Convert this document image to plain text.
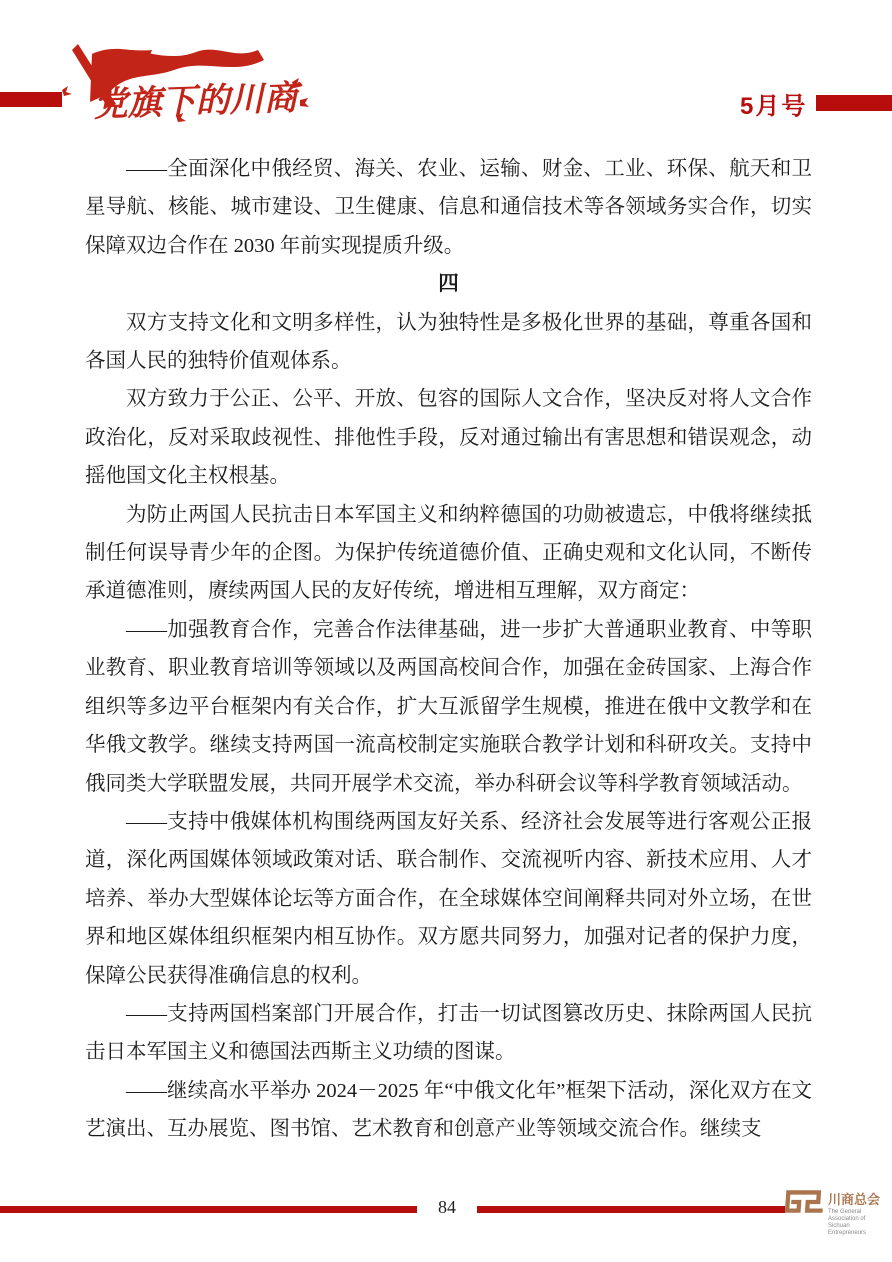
党旗下的川商	5月号

——全面深化中俄经贸、海关、农业、运输、财金、工业、环保、航天和卫星导航、核能、城市建设、卫生健康、信息和通信技术等各领域务实合作，切实保障双边合作在 2030 年前实现提质升级。

四

双方支持文化和文明多样性，认为独特性是多极化世界的基础，尊重各国和各国人民的独特价值观体系。

双方致力于公正、公平、开放、包容的国际人文合作，坚决反对将人文合作政治化，反对采取歧视性、排他性手段，反对通过输出有害思想和错误观念，动摇他国文化主权根基。

为防止两国人民抗击日本军国主义和纳粹德国的功勋被遗忘，中俄将继续抵制任何误导青少年的企图。为保护传统道德价值、正确史观和文化认同，不断传承道德准则，赓续两国人民的友好传统，增进相互理解，双方商定：

——加强教育合作，完善合作法律基础，进一步扩大普通职业教育、中等职业教育、职业教育培训等领域以及两国高校间合作，加强在金砖国家、上海合作组织等多边平台框架内有关合作，扩大互派留学生规模，推进在俄中文教学和在华俄文教学。继续支持两国一流高校制定实施联合教学计划和科研攻关。支持中俄同类大学联盟发展，共同开展学术交流，举办科研会议等科学教育领域活动。

——支持中俄媒体机构围绕两国友好关系、经济社会发展等进行客观公正报道，深化两国媒体领域政策对话、联合制作、交流视听内容、新技术应用、人才培养、举办大型媒体论坛等方面合作，在全球媒体空间阐释共同对外立场，在世界和地区媒体组织框架内相互协作。双方愿共同努力，加强对记者的保护力度，保障公民获得准确信息的权利。

——支持两国档案部门开展合作，打击一切试图篡改历史、抹除两国人民抗击日本军国主义和德国法西斯主义功绩的图谋。

——继续高水平举办 2024－2025 年“中俄文化年”框架下活动，深化双方在文艺演出、互办展览、图书馆、艺术教育和创意产业等领域交流合作。继续支

84	川商总会
The General Association of Sichuan Entrepreneurs
